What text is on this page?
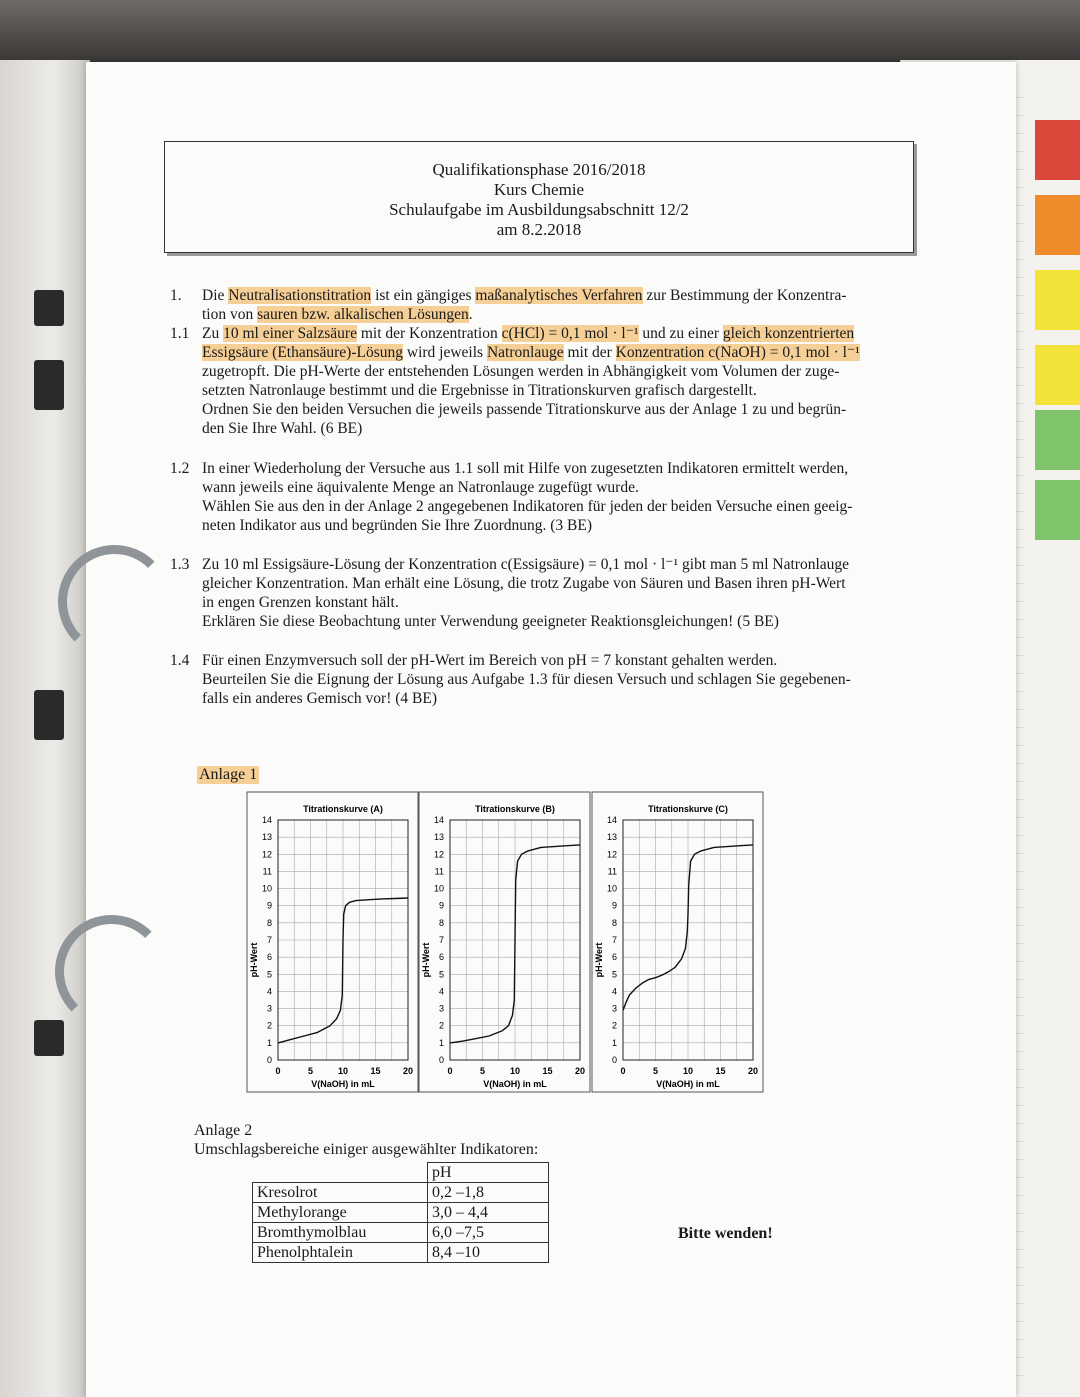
Qualifikationsphase 2016/2018
Kurs Chemie
Schulaufgabe im Ausbildungsabschnitt 12/2
am 8.2.2018
1. Die Neutralisationstitration ist ein gängiges maßanalytisches Verfahren zur Bestimmung der Konzentra-
tion von sauren bzw. alkalischen Lösungen.
1.1 Zu 10 ml einer Salzsäure mit der Konzentration c(HCl) = 0,1 mol · l⁻¹ und zu einer gleich konzentrierten
Essigsäure (Ethansäure)-Lösung wird jeweils Natronlauge mit der Konzentration c(NaOH) = 0,1 mol · l⁻¹
zugetropft. Die pH-Werte der entstehenden Lösungen werden in Abhängigkeit vom Volumen der zuge-
setzten Natronlauge bestimmt und die Ergebnisse in Titrationskurven grafisch dargestellt.
Ordnen Sie den beiden Versuchen die jeweils passende Titrationskurve aus der Anlage 1 zu und begrün-
den Sie Ihre Wahl. (6 BE)
1.2 In einer Wiederholung der Versuche aus 1.1 soll mit Hilfe von zugesetzten Indikatoren ermittelt werden,
wann jeweils eine äquivalente Menge an Natronlauge zugefügt wurde.
Wählen Sie aus den in der Anlage 2 angegebenen Indikatoren für jeden der beiden Versuche einen geeig-
neten Indikator aus und begründen Sie Ihre Zuordnung. (3 BE)
1.3 Zu 10 ml Essigsäure-Lösung der Konzentration c(Essigsäure) = 0,1 mol · l⁻¹ gibt man 5 ml Natronlauge
gleicher Konzentration. Man erhält eine Lösung, die trotz Zugabe von Säuren und Basen ihren pH-Wert
in engen Grenzen konstant hält.
Erklären Sie diese Beobachtung unter Verwendung geeigneter Reaktionsgleichungen! (5 BE)
1.4 Für einen Enzymversuch soll der pH-Wert im Bereich von pH = 7 konstant gehalten werden.
Beurteilen Sie die Eignung der Lösung aus Aufgabe 1.3 für diesen Versuch und schlagen Sie gegebenen-
falls ein anderes Gemisch vor! (4 BE)
Anlage 1
Titrationskurve (A)
0
1
2
3
4
5
6
7
8
9
10
11
12
13
14
0	5	10 15 20
V(NaOH) in mL
pH-Wert
Titrationskurve (B)
0
1
2
3
4
5
6
7
8
9
10
11
12
13
14
0	5	10 15 20
V(NaOH) in mL
pH-Wert
Titrationskurve (C)
0
1
2
3
4
5
6
7
8
9
10
11
12
13
14
0	5	10 15 20
V(NaOH) in mL
pH-Wert
Anlage 2
Umschlagsbereiche einiger ausgewählter Indikatoren:
	pH
Kresolrot	0,2 –1,8
Methylorange	3,0 – 4,4
Bromthymolblau	6,0 –7,5
Phenolphtalein	8,4 –10
Bitte wenden!
